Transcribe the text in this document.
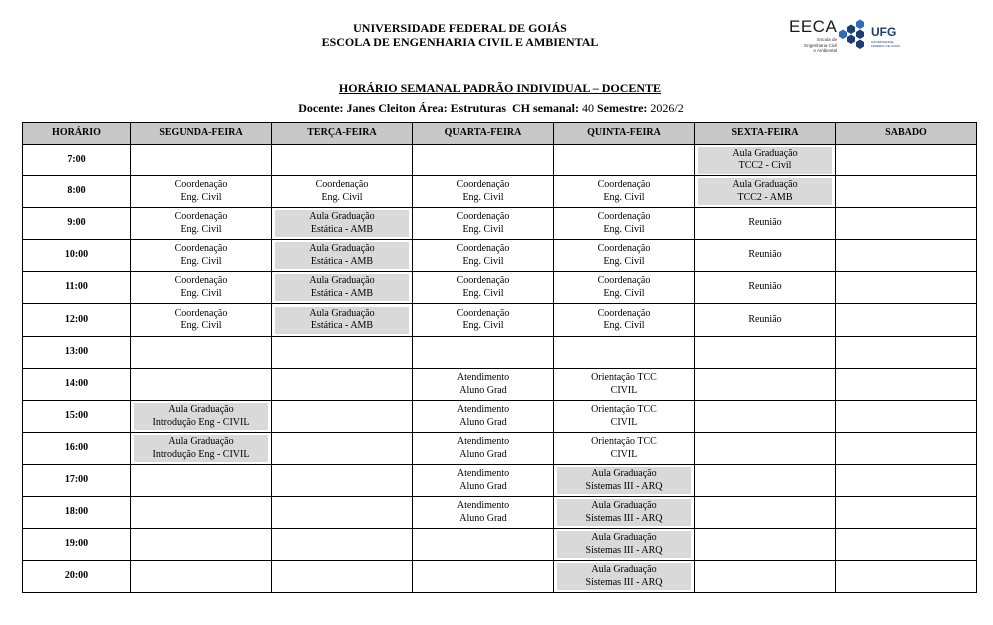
UNIVERSIDADE FEDERAL DE GOIÁS
ESCOLA DE ENGENHARIA CIVIL E AMBIENTAL
EECA
Escola de
Engenharia Civil
e Ambiental
UFG
UNIVERSIDADE FEDERAL DE GOIÁS
HORÁRIO SEMANAL PADRÃO INDIVIDUAL – DOCENTE
Docente: Janes Cleiton Área: Estruturas CH semanal: 40 Semestre: 2026/2
HORÁRIO	SEGUNDA-FEIRA	TERÇA-FEIRA	QUARTA-FEIRA	QUINTA-FEIRA	SEXTA-FEIRA	SABADO
7:00					Aula Graduação
TCC2 - Civil	

8:00	Coordenação
Eng. Civil	Coordenação
Eng. Civil	Coordenação
Eng. Civil	Coordenação
Eng. Civil	Aula Graduação
TCC2 - AMB	

9:00	Coordenação
Eng. Civil	Aula Graduação
Estática - AMB	Coordenação
Eng. Civil	Coordenação
Eng. Civil	Reunião	

10:00	Coordenação
Eng. Civil	Aula Graduação
Estática - AMB	Coordenação
Eng. Civil	Coordenação
Eng. Civil	Reunião	

11:00	Coordenação
Eng. Civil	Aula Graduação
Estática - AMB	Coordenação
Eng. Civil	Coordenação
Eng. Civil	Reunião	

12:00	Coordenação
Eng. Civil	Aula Graduação
Estática - AMB	Coordenação
Eng. Civil	Coordenação
Eng. Civil	Reunião	

13:00						
14:00			Atendimento
Aluno Grad	Orientação TCC
CIVIL		

15:00	Aula Graduação
Introdução Eng - CIVIL		Atendimento
Aluno Grad	Orientação TCC
CIVIL		

16:00	Aula Graduação
Introdução Eng - CIVIL		Atendimento
Aluno Grad	Orientação TCC
CIVIL		

17:00			Atendimento
Aluno Grad	Aula Graduação
Sistemas III - ARQ		

18:00			Atendimento
Aluno Grad	Aula Graduação
Sistemas III - ARQ		

19:00				Aula Graduação
Sistemas III - ARQ		

20:00				Aula Graduação
Sistemas III - ARQ		
